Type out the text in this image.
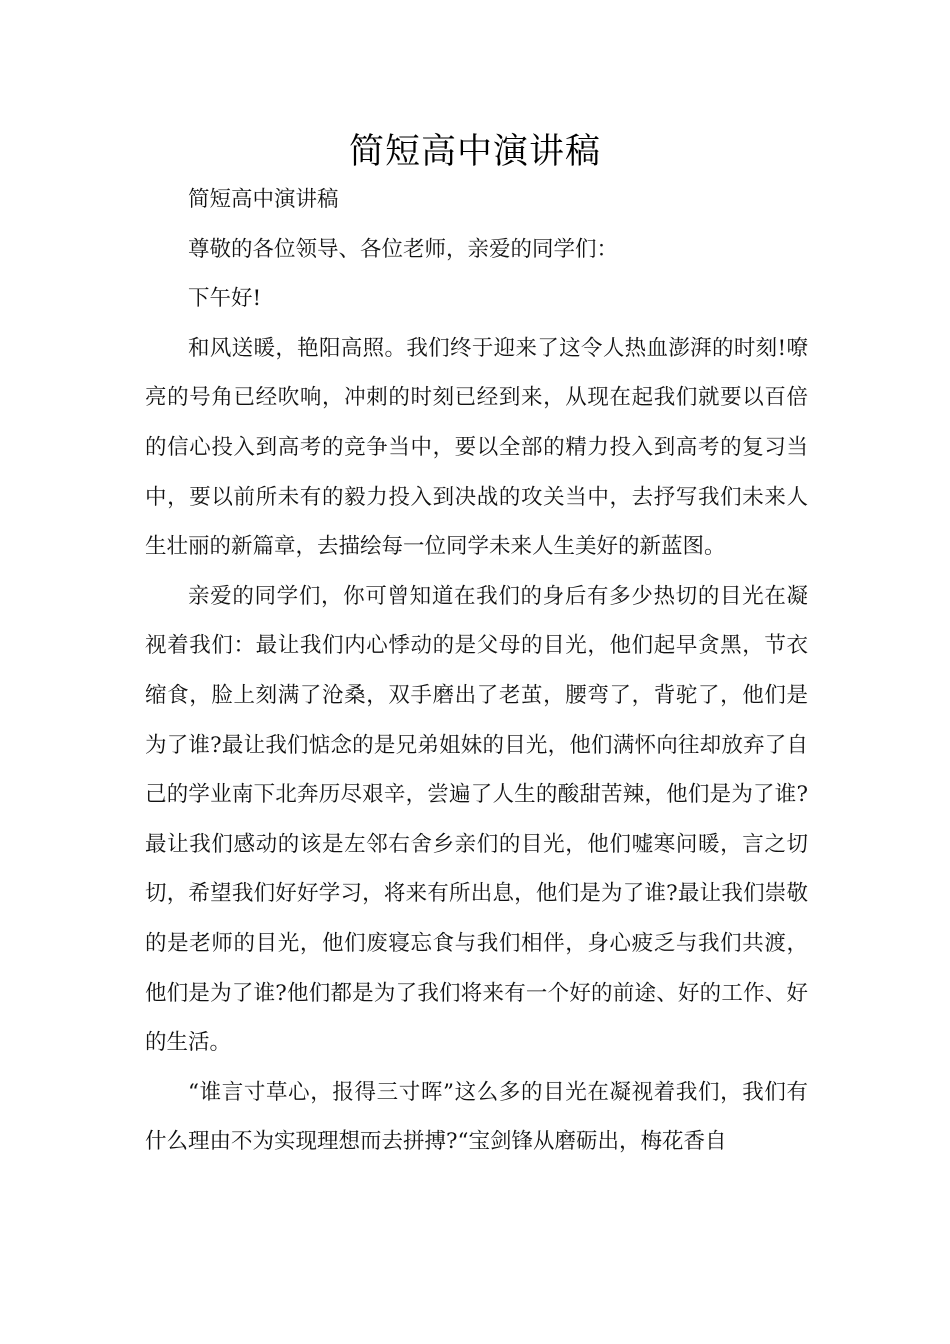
简短高中演讲稿

简短高中演讲稿

尊敬的各位领导、各位老师，亲爱的同学们：

下午好!

和风送暖，艳阳高照。我们终于迎来了这令人热血澎湃的时刻!嘹亮的号角已经吹响，冲刺的时刻已经到来，从现在起我们就要以百倍的信心投入到高考的竞争当中，要以全部的精力投入到高考的复习当中，要以前所未有的毅力投入到决战的攻关当中，去抒写我们未来人生壮丽的新篇章，去描绘每一位同学未来人生美好的新蓝图。

亲爱的同学们，你可曾知道在我们的身后有多少热切的目光在凝视着我们：最让我们内心悸动的是父母的目光，他们起早贪黑，节衣缩食，脸上刻满了沧桑，双手磨出了老茧，腰弯了，背驼了，他们是为了谁?最让我们惦念的是兄弟姐妹的目光，他们满怀向往却放弃了自己的学业南下北奔历尽艰辛，尝遍了人生的酸甜苦辣，他们是为了谁?最让我们感动的该是左邻右舍乡亲们的目光，他们嘘寒问暖，言之切切，希望我们好好学习，将来有所出息，他们是为了谁?最让我们崇敬的是老师的目光，他们废寝忘食与我们相伴，身心疲乏与我们共渡，他们是为了谁?他们都是为了我们将来有一个好的前途、好的工作、好的生活。

“谁言寸草心，报得三寸晖”这么多的目光在凝视着我们，我们有什么理由不为实现理想而去拼搏?“宝剑锋从磨砺出，梅花香自
